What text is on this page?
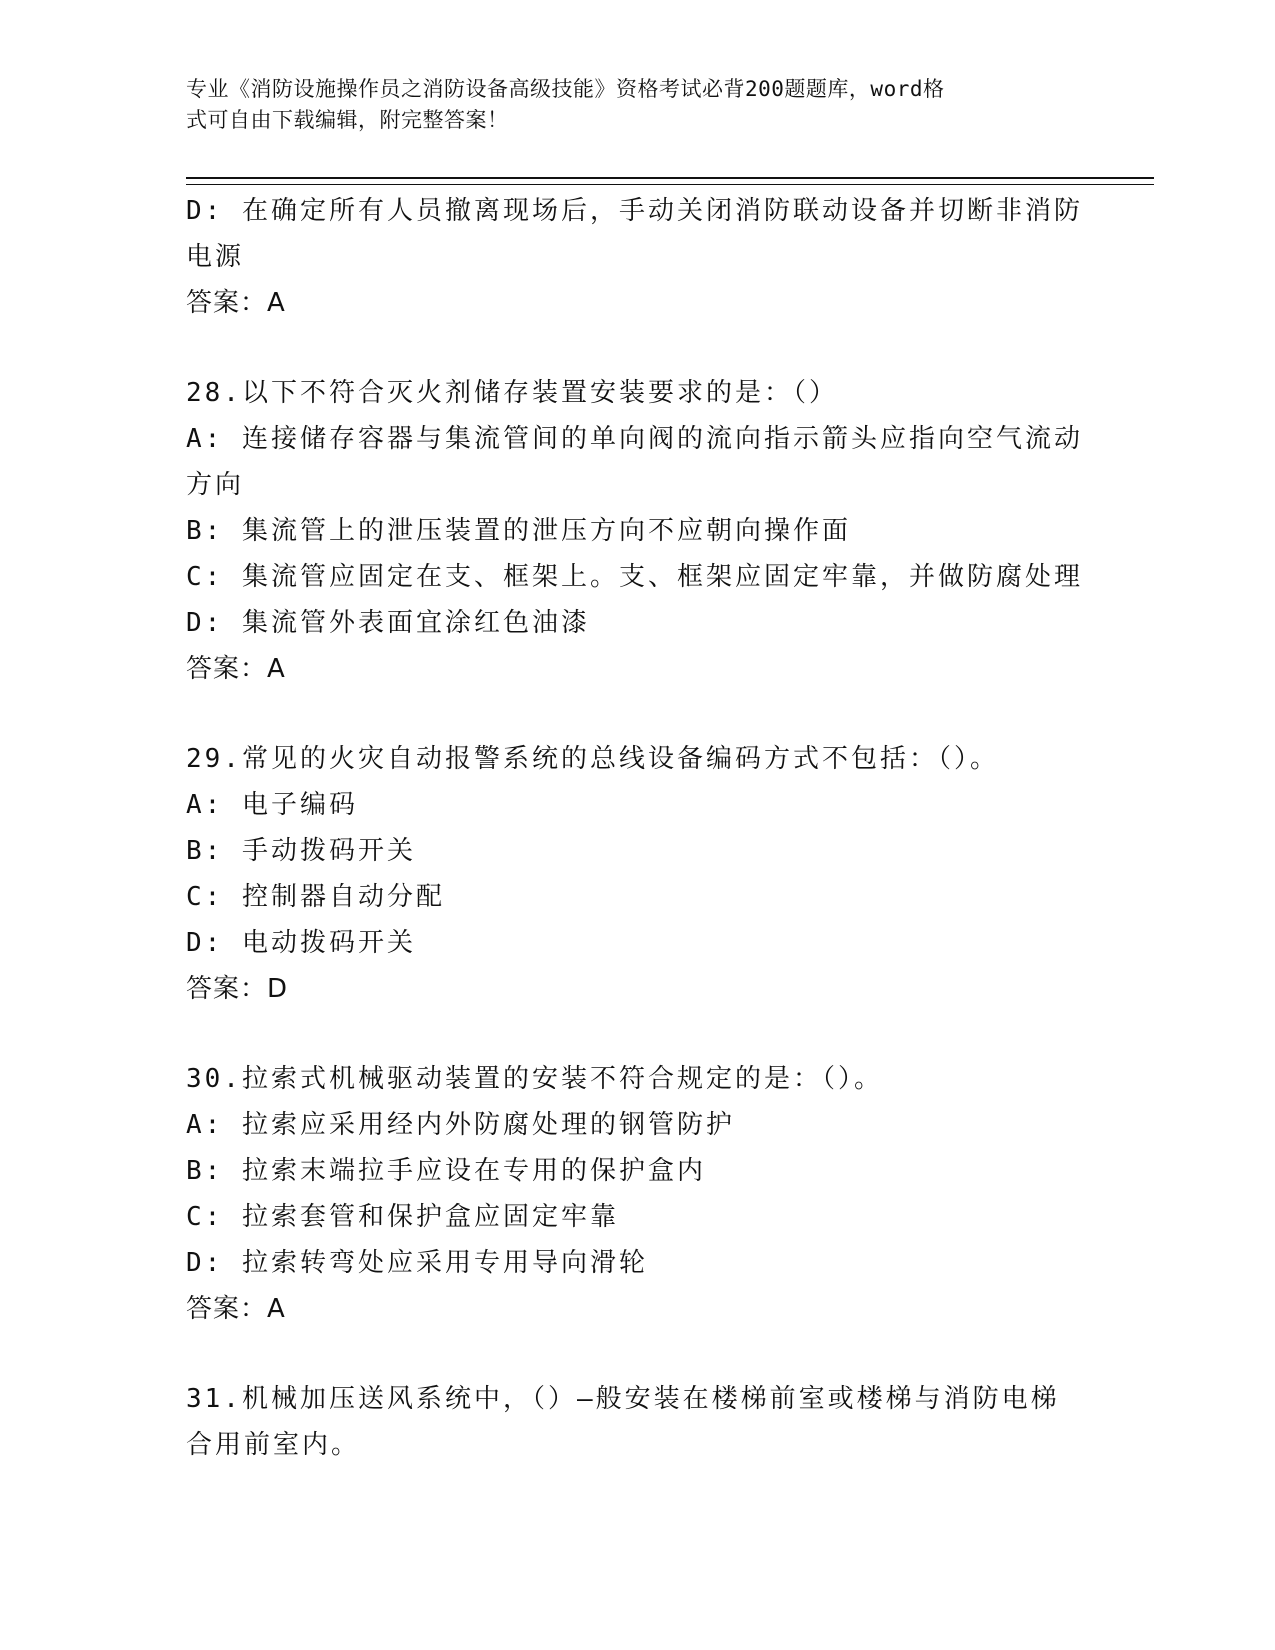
专业《消防设施操作员之消防设备高级技能》资格考试必背200题题库，word格
式可自由下载编辑，附完整答案！
D: 在确定所有人员撤离现场后，手动关闭消防联动设备并切断非消防
电源
答案：A
28.以下不符合灭火剂储存装置安装要求的是：（）
A: 连接储存容器与集流管间的单向阀的流向指示箭头应指向空气流动
方向
B: 集流管上的泄压装置的泄压方向不应朝向操作面
C: 集流管应固定在支、框架上。支、框架应固定牢靠，并做防腐处理
D: 集流管外表面宜涂红色油漆
答案：A
29.常见的火灾自动报警系统的总线设备编码方式不包括：（）。
A: 电子编码
B: 手动拨码开关
C: 控制器自动分配
D: 电动拨码开关
答案：D
30.拉索式机械驱动装置的安装不符合规定的是：（）。
A: 拉索应采用经内外防腐处理的钢管防护
B: 拉索末端拉手应设在专用的保护盒内
C: 拉索套管和保护盒应固定牢靠
D: 拉索转弯处应采用专用导向滑轮
答案：A
31.机械加压送风系统中，（）—般安装在楼梯前室或楼梯与消防电梯
合用前室内。
